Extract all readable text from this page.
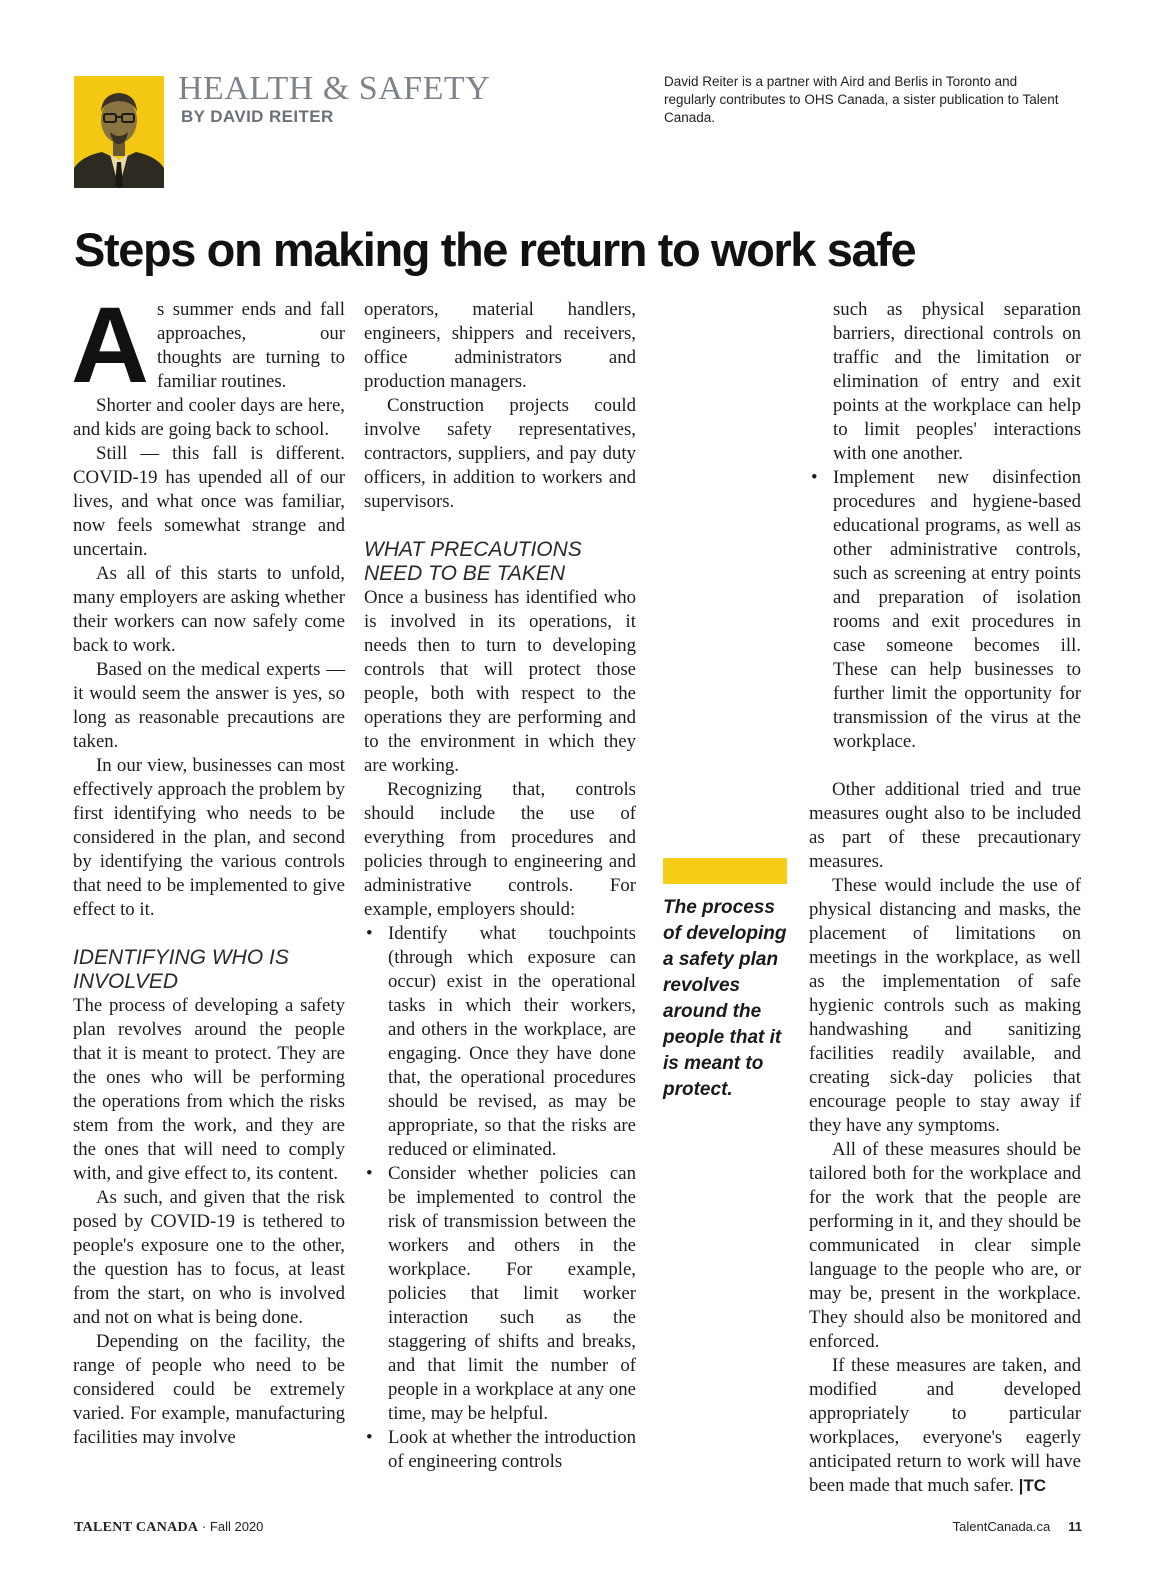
HEALTH & SAFETY
BY DAVID REITER
David Reiter is a partner with Aird and Berlis in Toronto and regularly contributes to OHS Canada, a sister publication to Talent Canada.
Steps on making the return to work safe

As summer ends and fall approaches, our thoughts are turning to familiar routines.

Shorter and cooler days are here, and kids are going back to school.

Still — this fall is different. COVID-19 has upended all of our lives, and what once was familiar, now feels somewhat strange and uncertain.

As all of this starts to unfold, many employers are asking whether their workers can now safely come back to work.

Based on the medical experts — it would seem the answer is yes, so long as reasonable precautions are taken.

In our view, businesses can most effectively approach the problem by first identifying who needs to be considered in the plan, and second by identifying the various controls that need to be implemented to give effect to it.

IDENTIFYING WHO IS INVOLVED

The process of developing a safety plan revolves around the people that it is meant to protect. They are the ones who will be performing the operations from which the risks stem from the work, and they are the ones that will need to comply with, and give effect to, its content.

As such, and given that the risk posed by COVID-19 is tethered to people's exposure one to the other, the question has to focus, at least from the start, on who is involved and not on what is being done.

Depending on the facility, the range of people who need to be considered could be extremely varied. For example, manufacturing facilities may involve

operators, material handlers, engineers, shippers and receivers, office administrators and production managers.

Construction projects could involve safety representatives, contractors, suppliers, and pay duty officers, in addition to workers and supervisors.

WHAT PRECAUTIONS NEED TO BE TAKEN

Once a business has identified who is involved in its operations, it needs then to turn to developing controls that will protect those people, both with respect to the operations they are performing and to the environment in which they are working.

Recognizing that, controls should include the use of everything from procedures and policies through to engineering and administrative controls. For example, employers should:

• Identify what touchpoints (through which exposure can occur) exist in the operational tasks in which their workers, and others in the workplace, are engaging. Once they have done that, the operational procedures should be revised, as may be appropriate, so that the risks are reduced or eliminated.
• Consider whether policies can be implemented to control the risk of transmission between the workers and others in the workplace. For example, policies that limit worker interaction such as the staggering of shifts and breaks, and that limit the number of people in a workplace at any one time, may be helpful.
• Look at whether the introduction of engineering controls
The process of developing a safety plan revolves around the people that it is meant to protect.
such as physical separation barriers, directional controls on traffic and the limitation or elimination of entry and exit points at the workplace can help to limit peoples' interactions with one another.
• Implement new disinfection procedures and hygiene-based educational programs, as well as other administrative controls, such as screening at entry points and preparation of isolation rooms and exit procedures in case someone becomes ill. These can help businesses to further limit the opportunity for transmission of the virus at the workplace.

Other additional tried and true measures ought also to be included as part of these precautionary measures.

These would include the use of physical distancing and masks, the placement of limitations on meetings in the workplace, as well as the implementation of safe hygienic controls such as making handwashing and sanitizing facilities readily available, and creating sick-day policies that encourage people to stay away if they have any symptoms.

All of these measures should be tailored both for the workplace and for the work that the people are performing in it, and they should be communicated in clear simple language to the people who are, or may be, present in the workplace. They should also be monitored and enforced.

If these measures are taken, and modified and developed appropriately to particular workplaces, everyone's eagerly anticipated return to work will have been made that much safer. |TC

TALENT CANADA · Fall 2020	TalentCanada.ca 11
